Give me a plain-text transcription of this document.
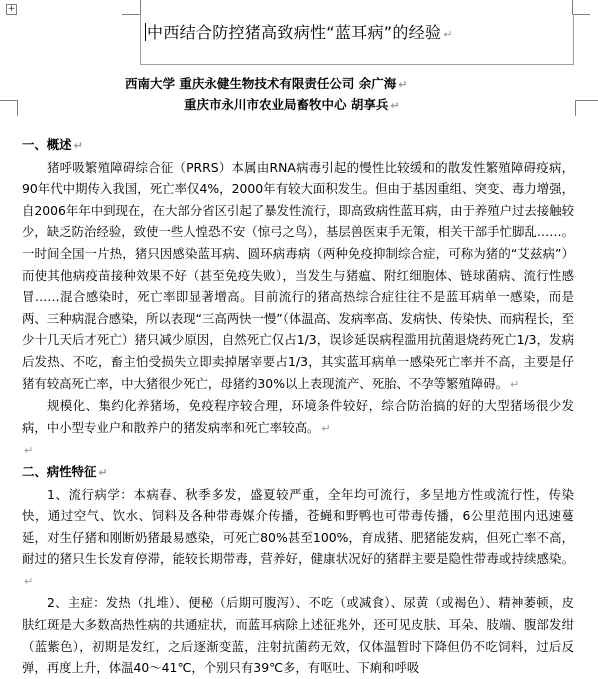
+
中西结合防控猪高致病性“蓝耳病”的经验 ↵
西南大学 重庆永健生物技术有限责任公司 余广海 ↵
重庆市永川市农业局畜牧中心 胡享兵 ↵

一、概述 ↵

猪呼吸繁殖障碍综合征（PRRS）本属由RNA病毒引起的慢性比较缓和的散发性繁殖障碍疫病，90年代中期传入我国，死亡率仅4%，2000年有较大面积发生。但由于基因重组、突变、毒力增强，自2006年年中到现在，在大部分省区引起了暴发性流行，即高致病性蓝耳病，由于养殖户过去接触较少，缺乏防治经验，致使一些人惶恐不安（惊弓之鸟），基层兽医束手无策，相关干部手忙脚乱……。一时间全国一片热，猪只因感染蓝耳病、圆环病毒病（两种免疫抑制综合症，可称为猪的“艾兹病”）而使其他病疫苗接种效果不好（甚至免疫失败），当发生与猪瘟、附红细胞体、链球菌病、流行性感冒……混合感染时，死亡率即显著增高。目前流行的猪高热综合症往往不是蓝耳病单一感染，而是两、三种病混合感染，所以表现“三高两快一慢”（体温高、发病率高、发病快、传染快、而病程长，至少十几天后才死亡）猪只减少原因，自然死亡仅占1/3，误诊延误病程滥用抗菌退烧药死亡1/3，发病后发热、不吃，畜主怕受损失立即卖掉屠宰要占1/3，其实蓝耳病单一感染死亡率并不高，主要是仔猪有较高死亡率，中大猪很少死亡，母猪约30%以上表现流产、死胎、不孕等繁殖障碍。 ↵

规模化、集约化养猪场，免疫程序较合理，环境条件较好，综合防治搞的好的大型猪场很少发病，中小型专业户和散养户的猪发病率和死亡率较高。 ↵

↵

二、病性特征 ↵

1、流行病学：本病春、秋季多发，盛夏较严重，全年均可流行，多呈地方性或流行性，传染快，通过空气、饮水、饲料及各种带毒媒介传播，苍蝇和野鸭也可带毒传播，6公里范围内迅速蔓延，对生仔猪和刚断奶猪最易感染，可死亡80%甚至100%，育成猪、肥猪能发病，但死亡率不高，耐过的猪只生长发育停滞，能较长期带毒，营养好，健康状况好的猪群主要是隐性带毒或持续感染。↵

2、主症：发热（扎堆）、便秘（后期可腹泻）、不吃（或减食）、尿黄（或褐色）、精神萎顿，皮肤红斑是大多数高热性病的共通症状，而蓝耳病除上述征兆外，还可见皮肤、耳朵、肢端、腹部发绀（蓝紫色），初期是发红，之后逐渐变蓝，注射抗菌药无效，仅体温暂时下降但仍不吃饲料，过后反弹，再度上升，体温40～41℃，个别只有39℃多，有呕吐、下痢和呼吸
